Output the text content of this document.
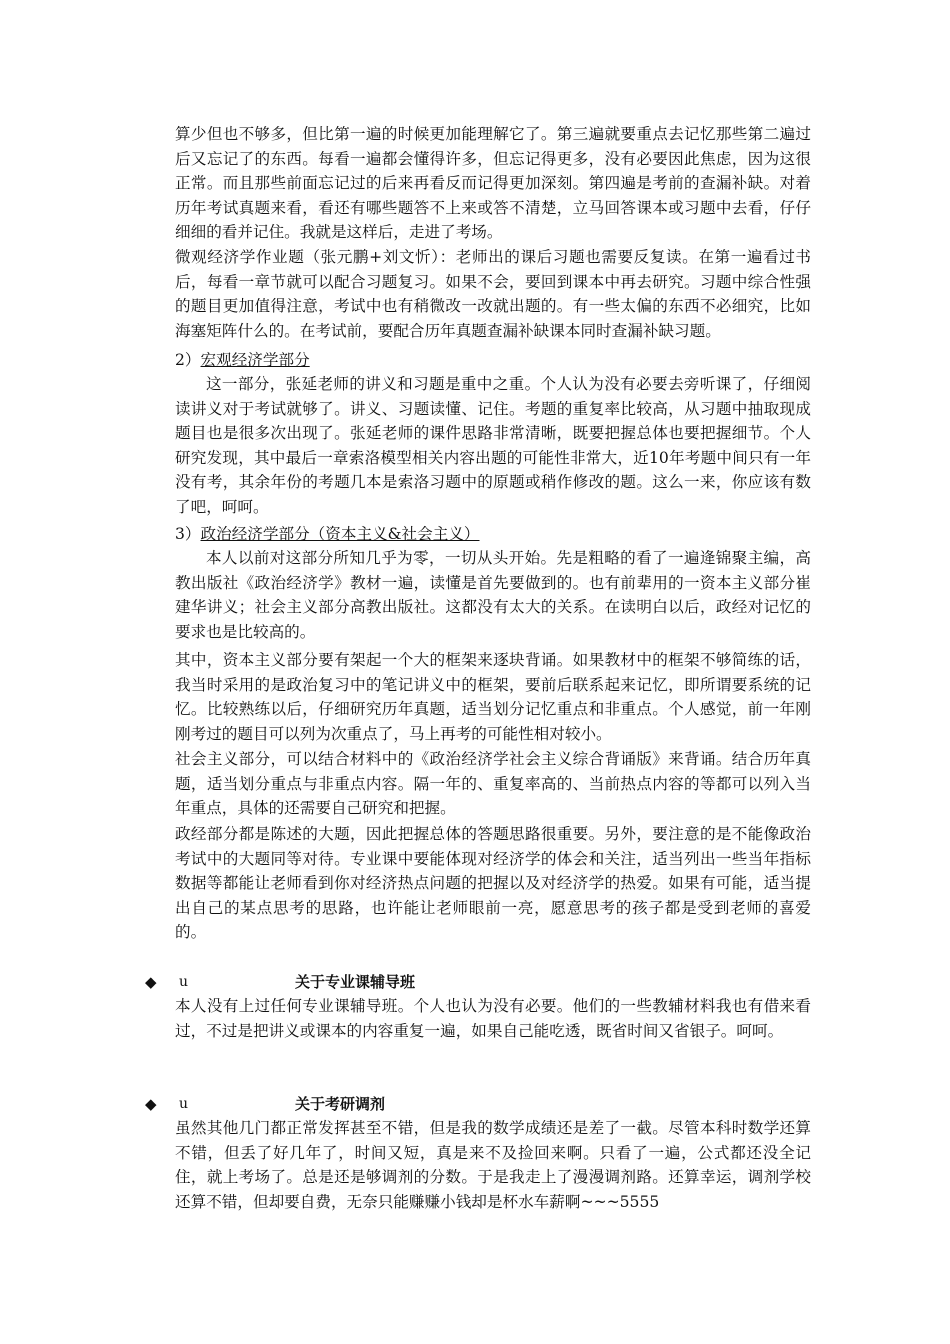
算少但也不够多，但比第一遍的时候更加能理解它了。第三遍就要重点去记忆那些第二遍过后又忘记了的东西。每看一遍都会懂得许多，但忘记得更多，没有必要因此焦虑，因为这很正常。而且那些前面忘记过的后来再看反而记得更加深刻。第四遍是考前的查漏补缺。对着历年考试真题来看，看还有哪些题答不上来或答不清楚，立马回答课本或习题中去看，仔仔细细的看并记住。我就是这样后，走进了考场。

微观经济学作业题（张元鹏+刘文忻）：老师出的课后习题也需要反复读。在第一遍看过书后，每看一章节就可以配合习题复习。如果不会，要回到课本中再去研究。习题中综合性强的题目更加值得注意，考试中也有稍微改一改就出题的。有一些太偏的东西不必细究，比如海塞矩阵什么的。在考试前，要配合历年真题查漏补缺课本同时查漏补缺习题。

2）宏观经济学部分

这一部分，张延老师的讲义和习题是重中之重。个人认为没有必要去旁听课了，仔细阅读讲义对于考试就够了。讲义、习题读懂、记住。考题的重复率比较高，从习题中抽取现成题目也是很多次出现了。张延老师的课件思路非常清晰，既要把握总体也要把握细节。个人研究发现，其中最后一章索洛模型相关内容出题的可能性非常大，近10年考题中间只有一年没有考，其余年份的考题几本是索洛习题中的原题或稍作修改的题。这么一来，你应该有数了吧，呵呵。

3）政治经济学部分（资本主义&社会主义）

本人以前对这部分所知几乎为零，一切从头开始。先是粗略的看了一遍逄锦聚主编，高教出版社《政治经济学》教材一遍，读懂是首先要做到的。也有前辈用的一资本主义部分崔建华讲义；社会主义部分高教出版社。这都没有太大的关系。在读明白以后，政经对记忆的要求也是比较高的。

其中，资本主义部分要有架起一个大的框架来逐块背诵。如果教材中的框架不够简练的话，我当时采用的是政治复习中的笔记讲义中的框架，要前后联系起来记忆，即所谓要系统的记忆。比较熟练以后，仔细研究历年真题，适当划分记忆重点和非重点。个人感觉，前一年刚刚考过的题目可以列为次重点了，马上再考的可能性相对较小。

社会主义部分，可以结合材料中的《政治经济学社会主义综合背诵版》来背诵。结合历年真题，适当划分重点与非重点内容。隔一年的、重复率高的、当前热点内容的等都可以列入当年重点，具体的还需要自己研究和把握。

政经部分都是陈述的大题，因此把握总体的答题思路很重要。另外，要注意的是不能像政治考试中的大题同等对待。专业课中要能体现对经济学的体会和关注，适当列出一些当年指标数据等都能让老师看到你对经济热点问题的把握以及对经济学的热爱。如果有可能，适当提出自己的某点思考的思路，也许能让老师眼前一亮，愿意思考的孩子都是受到老师的喜爱的。

◆ u	关于专业课辅导班

本人没有上过任何专业课辅导班。个人也认为没有必要。他们的一些教辅材料我也有借来看过，不过是把讲义或课本的内容重复一遍，如果自己能吃透，既省时间又省银子。呵呵。

◆ u	关于考研调剂

虽然其他几门都正常发挥甚至不错，但是我的数学成绩还是差了一截。尽管本科时数学还算不错，但丢了好几年了，时间又短，真是来不及捡回来啊。只看了一遍，公式都还没全记住，就上考场了。总是还是够调剂的分数。于是我走上了漫漫调剂路。还算幸运，调剂学校还算不错，但却要自费，无奈只能赚赚小钱却是杯水车薪啊~~~5555
